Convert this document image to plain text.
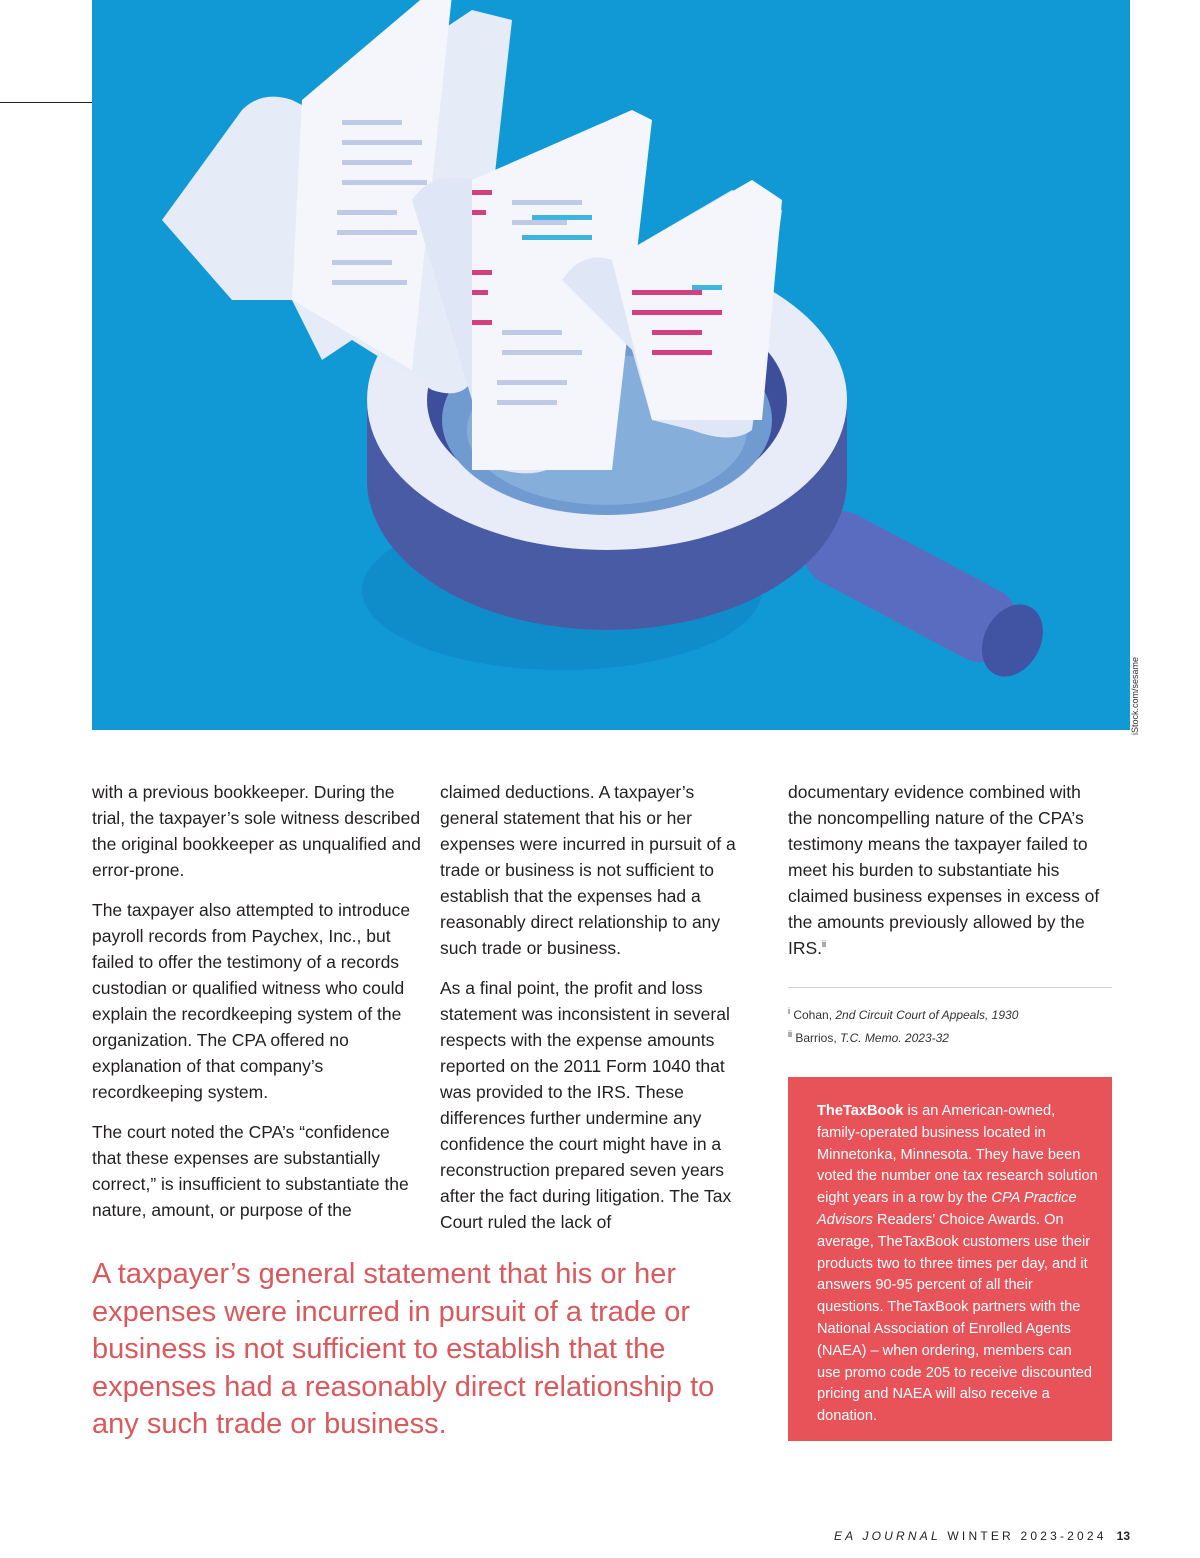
iStock.com/sesame

with a previous bookkeeper. During the trial, the taxpayer’s sole witness described the original bookkeeper as unqualified and error-prone.

The taxpayer also attempted to introduce payroll records from Paychex, Inc., but failed to offer the testimony of a records custodian or qualified witness who could explain the recordkeeping system of the organization. The CPA offered no explanation of that company’s recordkeeping system.

The court noted the CPA’s “confidence that these expenses are substantially correct,” is insufficient to substantiate the nature, amount, or purpose of the

claimed deductions. A taxpayer’s general statement that his or her expenses were incurred in pursuit of a trade or business is not sufficient to establish that the expenses had a reasonably direct relationship to any such trade or business.

As a final point, the profit and loss statement was inconsistent in several respects with the expense amounts reported on the 2011 Form 1040 that was provided to the IRS. These differences further undermine any confidence the court might have in a reconstruction prepared seven years after the fact during litigation. The Tax Court ruled the lack of

documentary evidence combined with the noncompelling nature of the CPA’s testimony means the taxpayer failed to meet his burden to substantiate his claimed business expenses in excess of the amounts previously allowed by the IRS.$^{ii}$

$^i$ Cohan, 2nd Circuit Court of Appeals, 1930
$^{ii}$ Barrios, T.C. Memo. 2023-32
A taxpayer’s general statement that his or her expenses were incurred in pursuit of a trade or business is not sufficient to establish that the expenses had a reasonably direct relationship to any such trade or business.
TheTaxBook is an American-owned, family-operated business located in Minnetonka, Minnesota. They have been voted the number one tax research solution eight years in a row by the CPA Practice Advisors Readers’ Choice Awards. On average, TheTaxBook customers use their products two to three times per day, and it answers 90-95 percent of all their questions. TheTaxBook partners with the National Association of Enrolled Agents (NAEA) – when ordering, members can use promo code 205 to receive discounted pricing and NAEA will also receive a donation.
EA JOURNAL WINTER 2023-2024 13
